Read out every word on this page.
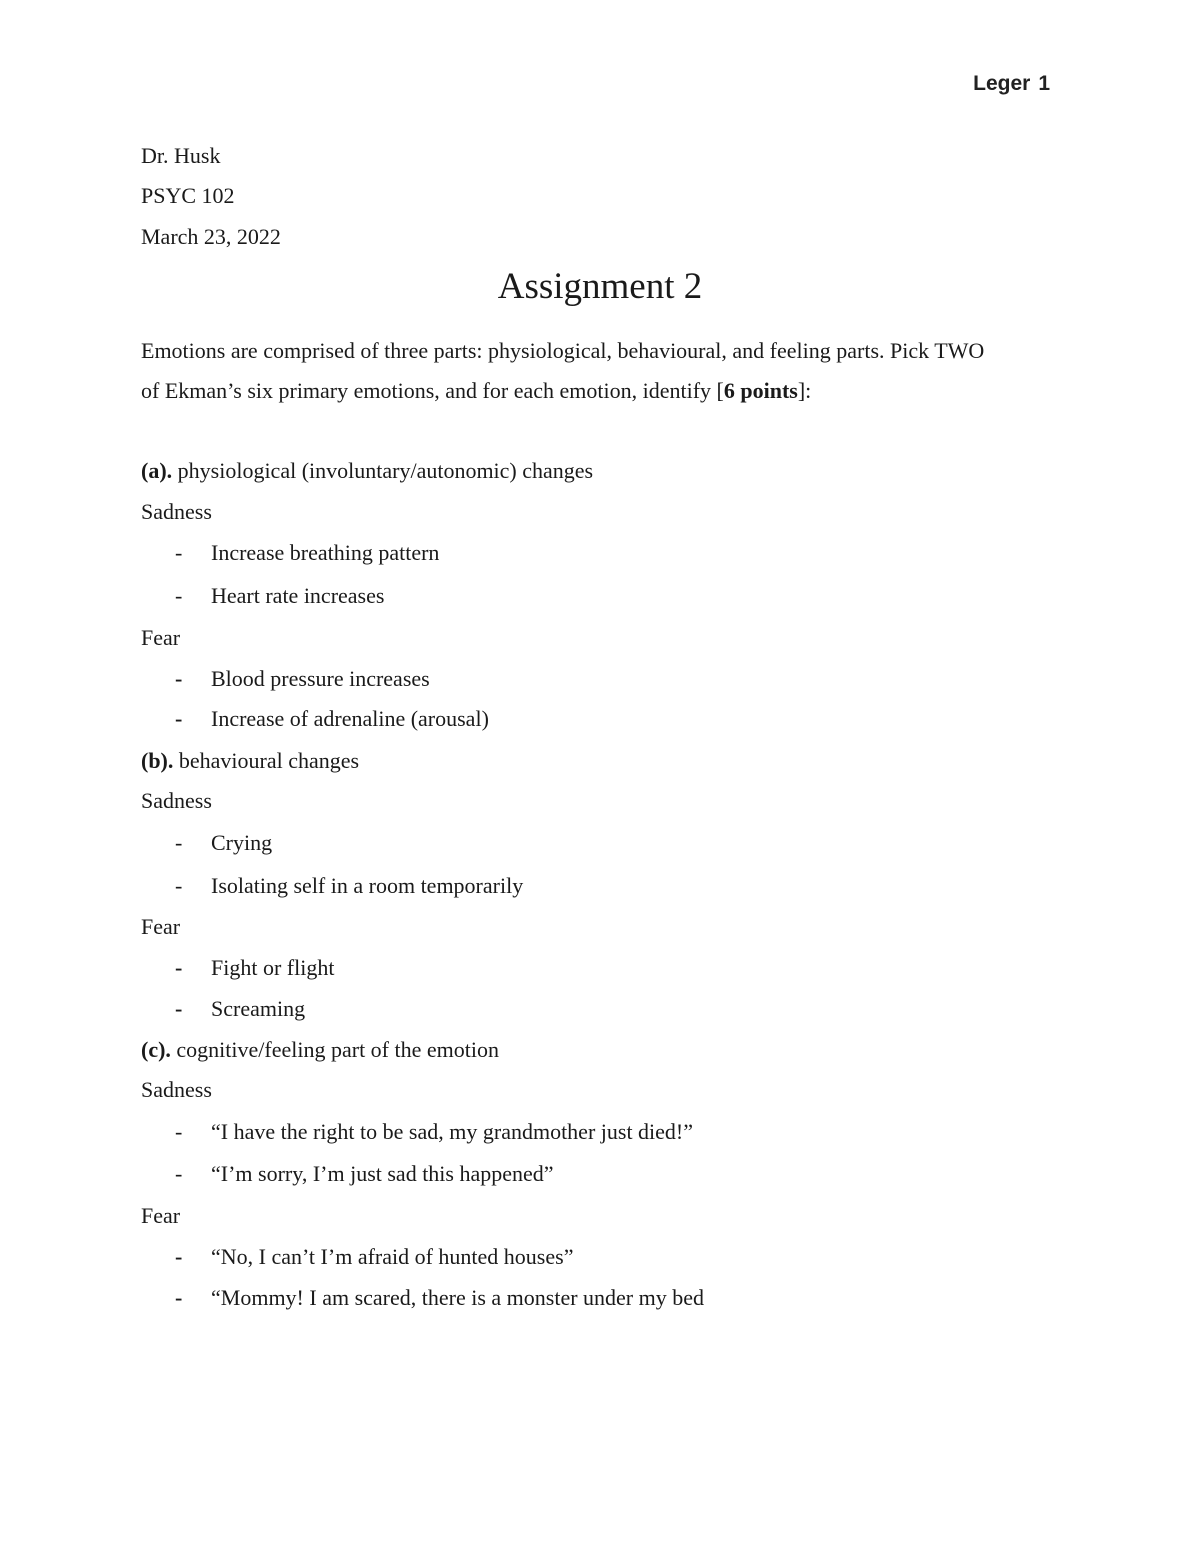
Leger 1
Dr. Husk
PSYC 102
March 23, 2022
Assignment 2
Emotions are comprised of three parts: physiological, behavioural, and feeling parts. Pick TWO
of Ekman’s six primary emotions, and for each emotion, identify [6 points]:
(a). physiological (involuntary/autonomic) changes
Sadness
- Increase breathing pattern
- Heart rate increases
Fear
- Blood pressure increases
- Increase of adrenaline (arousal)
(b). behavioural changes
Sadness
- Crying
- Isolating self in a room temporarily
Fear
- Fight or flight
- Screaming
(c). cognitive/feeling part of the emotion
Sadness
- “I have the right to be sad, my grandmother just died!”
- “I’m sorry, I’m just sad this happened”
Fear
- “No, I can’t I’m afraid of hunted houses”
- “Mommy! I am scared, there is a monster under my bed
